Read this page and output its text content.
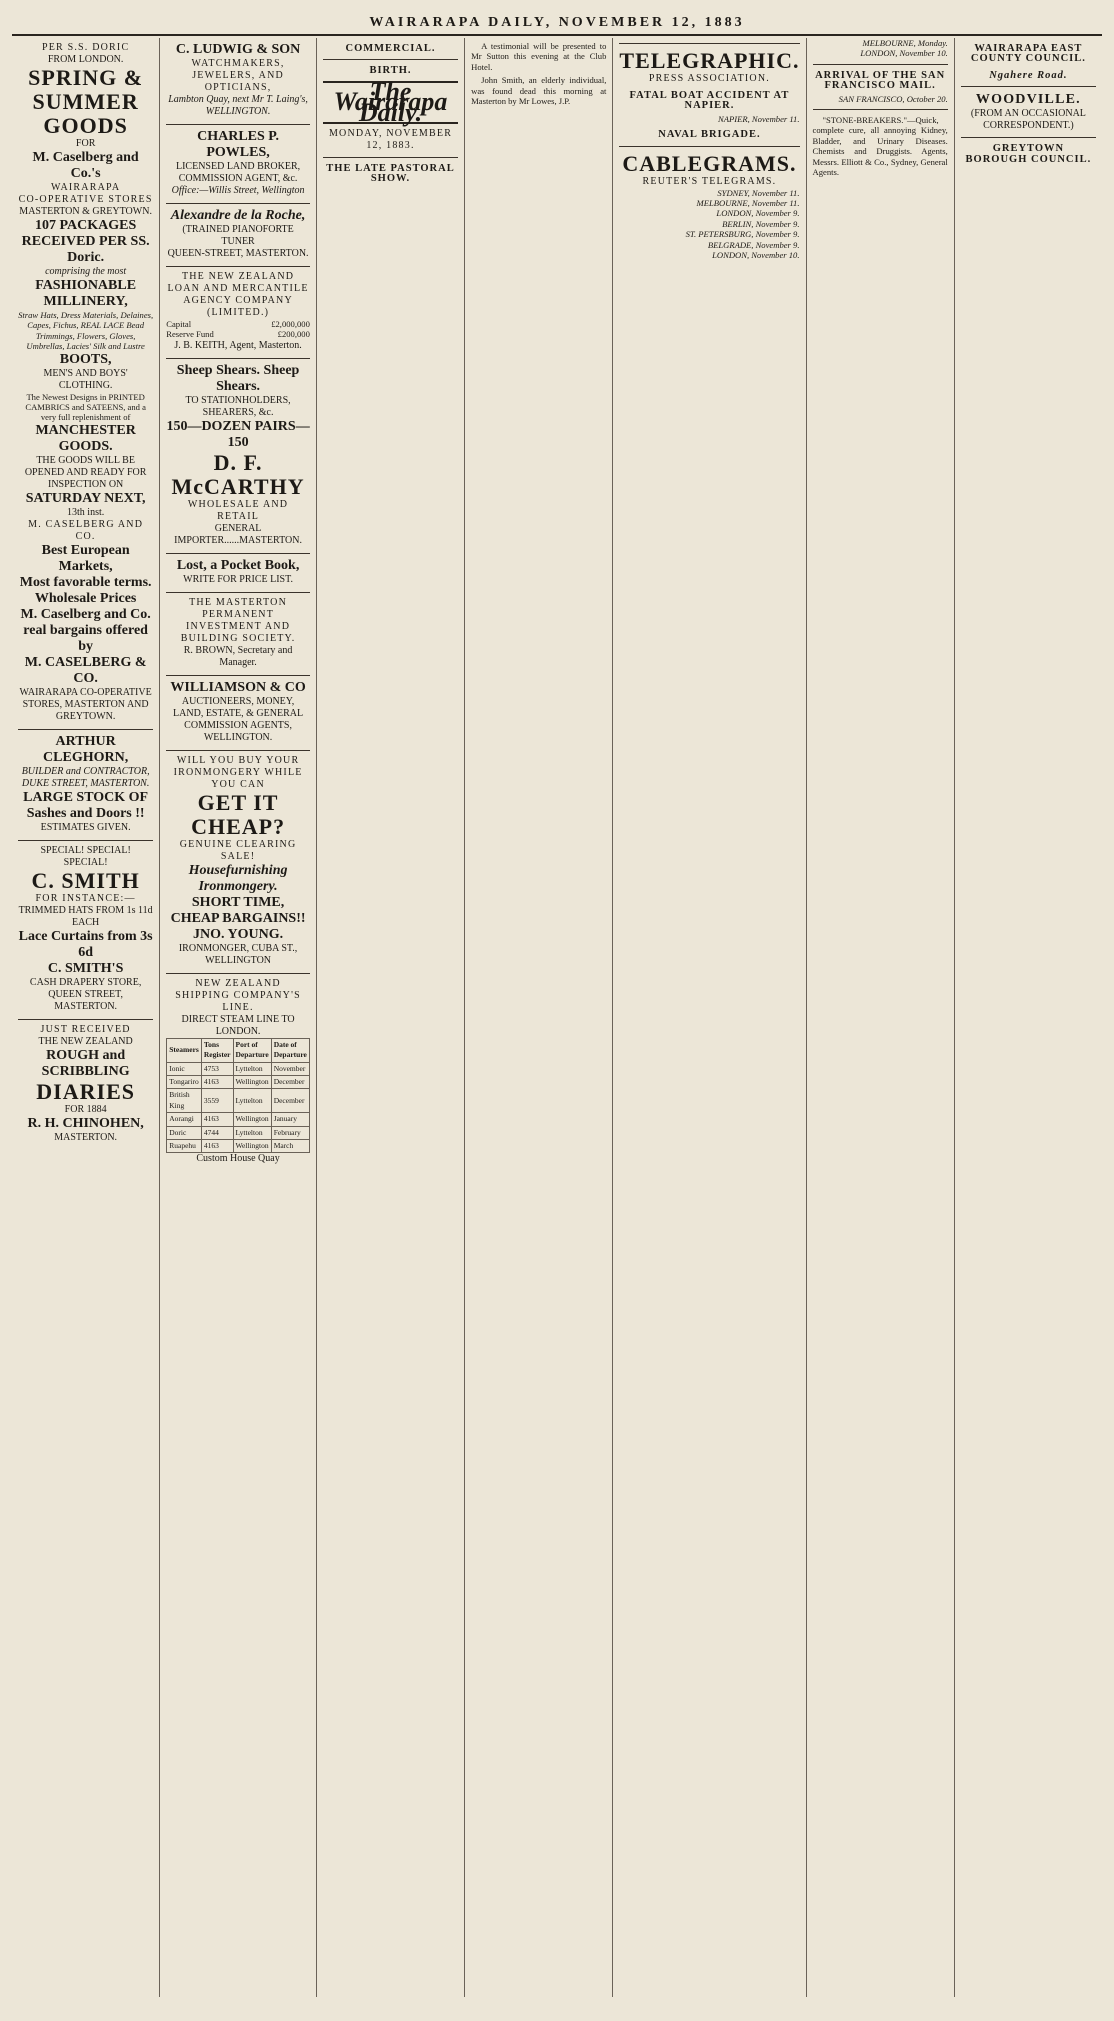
WAIRARAPA DAILY, NOVEMBER 12, 1883
PER S.S. DORIC
FROM LONDON.
SPRING & SUMMER GOODS
FOR
M. Caselberg and Co.'s
WAIRARAPA
CO-OPERATIVE STORES
MASTERTON & GREYTOWN.
107 PACKAGES RECEIVED PER SS. Doric.
comprising the most
FASHIONABLE MILLINERY,
Straw Hats, Dress Materials, Delaines, Capes, Fichus, REAL LACE Bead Trimmings, Flowers, Gloves, Umbrellas, Lacies' Silk and Lustre
BOOTS,
MEN'S AND BOYS' CLOTHING.
The Newest Designs in PRINTED CAMBRICS and SATEENS, and a very full replenishment of
MANCHESTER GOODS.
THE GOODS WILL BE OPENED AND READY FOR INSPECTION ON
SATURDAY NEXT,
13th inst.
M. CASELBERG AND CO.
Best European Markets,
Most favorable terms.
Wholesale Prices
M. Caselberg and Co.
real bargains offered by
M. CASELBERG & CO.
WAIRARAPA CO-OPERATIVE STORES, MASTERTON AND GREYTOWN.
ARTHUR CLEGHORN,
BUILDER and CONTRACTOR, DUKE STREET, MASTERTON.
LARGE STOCK OF
Sashes and Doors !!
ESTIMATES GIVEN.
SPECIAL! SPECIAL! SPECIAL!
C. SMITH
FOR INSTANCE:—
TRIMMED HATS FROM 1s 11d EACH
Lace Curtains from 3s 6d
C. SMITH'S
CASH DRAPERY STORE,
QUEEN STREET, MASTERTON.
JUST RECEIVED
THE NEW ZEALAND
ROUGH and SCRIBBLING
DIARIES
FOR 1884
R. H. CHINOHEN,
MASTERTON.
C. LUDWIG & SON
WATCHMAKERS, JEWELERS, AND OPTICIANS,
Lambton Quay, next Mr T. Laing's, WELLINGTON.
CHARLES P. POWLES,
LICENSED LAND BROKER, COMMISSION AGENT, &c.
Office:—Willis Street, Wellington
Alexandre de la Roche,
(TRAINED PIANOFORTE TUNER
QUEEN-STREET, MASTERTON.
THE NEW ZEALAND LOAN AND MERCANTILE AGENCY COMPANY (LIMITED.)
Capital	£2,000,000
Reserve Fund	£200,000
J. B. KEITH, Agent, Masterton.
Sheep Shears. Sheep Shears.
TO STATIONHOLDERS, SHEARERS, &c.
150—DOZEN PAIRS—150
D. F. McCARTHY
WHOLESALE AND RETAIL
GENERAL IMPORTER......MASTERTON.
Lost, a Pocket Book,
WRITE FOR PRICE LIST.
THE MASTERTON PERMANENT INVESTMENT AND BUILDING SOCIETY.
R. BROWN, Secretary and Manager.
WILLIAMSON & CO
AUCTIONEERS, MONEY, LAND, ESTATE, & GENERAL COMMISSION AGENTS,
WELLINGTON.
WILL YOU BUY YOUR IRONMONGERY WHILE YOU CAN
GET IT CHEAP?
GENUINE CLEARING SALE!
Housefurnishing Ironmongery.
SHORT TIME,
CHEAP BARGAINS!!
JNO. YOUNG.
IRONMONGER, CUBA ST., WELLINGTON
NEW ZEALAND SHIPPING COMPANY'S LINE.
DIRECT STEAM LINE TO LONDON.
Steamers	Tons Register	Port of Departure	Date of Departure
Ionic	4753	Lyttelton	November
Tongariro	4163	Wellington	December
British King	3559	Lyttelton	December
Aorangi	4163	Wellington	January
Doric	4744	Lyttelton	February
Ruapehu	4163	Wellington	March
Custom House Quay
COMMERCIAL.
BIRTH.
The Wairarapa Daily.
MONDAY, NOVEMBER 12, 1883.
THE LATE PASTORAL SHOW.

A testimonial will be presented to Mr Sutton this evening at the Club Hotel.

John Smith, an elderly individual, was found dead this morning at Masterton by Mr Lowes, J.P.

TELEGRAPHIC.
PRESS ASSOCIATION.
FATAL BOAT ACCIDENT AT NAPIER.
NAPIER, November 11.
NAVAL BRIGADE.
CABLEGRAMS.
REUTER'S TELEGRAMS.
SYDNEY, November 11.
MELBOURNE, November 11.
LONDON, November 9.
BERLIN, November 9.
ST. PETERSBURG, November 9.
BELGRADE, November 9.
LONDON, November 10.
MELBOURNE, Monday.
LONDON, November 10.
ARRIVAL OF THE SAN FRANCISCO MAIL.
SAN FRANCISCO, October 20.

"STONE-BREAKERS."—Quick, complete cure, all annoying Kidney, Bladder, and Urinary Diseases. Chemists and Druggists. Agents, Messrs. Elliott & Co., Sydney, General Agents.

WAIRARAPA EAST COUNTY COUNCIL.
Ngahere Road.
WOODVILLE.
(FROM AN OCCASIONAL CORRESPONDENT.)
GREYTOWN BOROUGH COUNCIL.
